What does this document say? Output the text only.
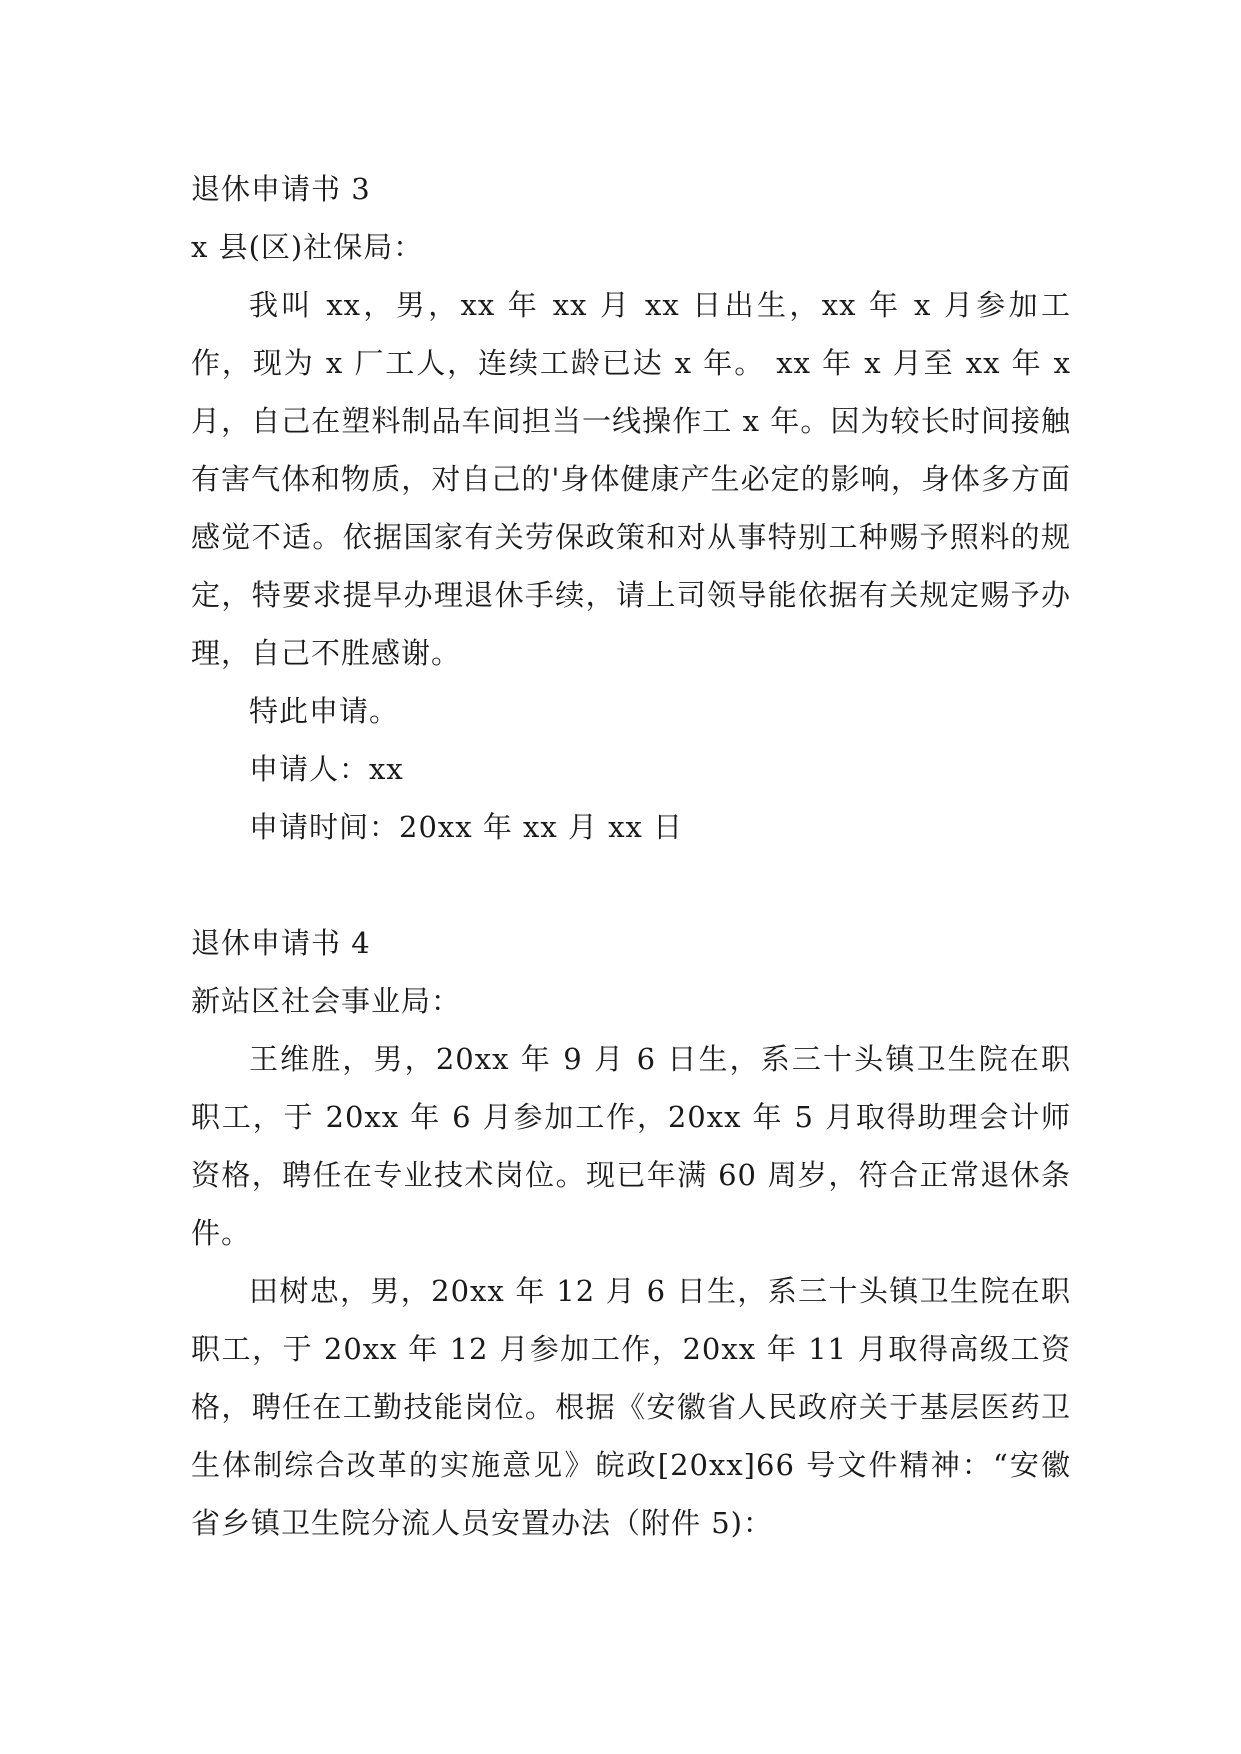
退休申请书 3
x 县(区)社保局：

我叫 xx，男，xx 年 xx 月 xx 日出生，xx 年 x 月参加工作，现为 x 厂工人，连续工龄已达 x 年。 xx 年 x 月至 xx 年 x 月，自己在塑料制品车间担当一线操作工 x 年。因为较长时间接触有害气体和物质，对自己的'身体健康产生必定的影响，身体多方面感觉不适。依据国家有关劳保政策和对从事特别工种赐予照料的规定，特要求提早办理退休手续，请上司领导能依据有关规定赐予办理，自己不胜感谢。

特此申请。
申请人：xx
申请时间：20xx 年 xx 月 xx 日
退休申请书 4
新站区社会事业局：

王维胜，男，20xx 年 9 月 6 日生，系三十头镇卫生院在职职工，于 20xx 年 6 月参加工作，20xx 年 5 月取得助理会计师资格，聘任在专业技术岗位。现已年满 60 周岁，符合正常退休条件。

田树忠，男，20xx 年 12 月 6 日生，系三十头镇卫生院在职职工，于 20xx 年 12 月参加工作，20xx 年 11 月取得高级工资格，聘任在工勤技能岗位。根据《安徽省人民政府关于基层医药卫生体制综合改革的实施意见》皖政[20xx]66 号文件精神：“安徽省乡镇卫生院分流人员安置办法（附件 5)：
